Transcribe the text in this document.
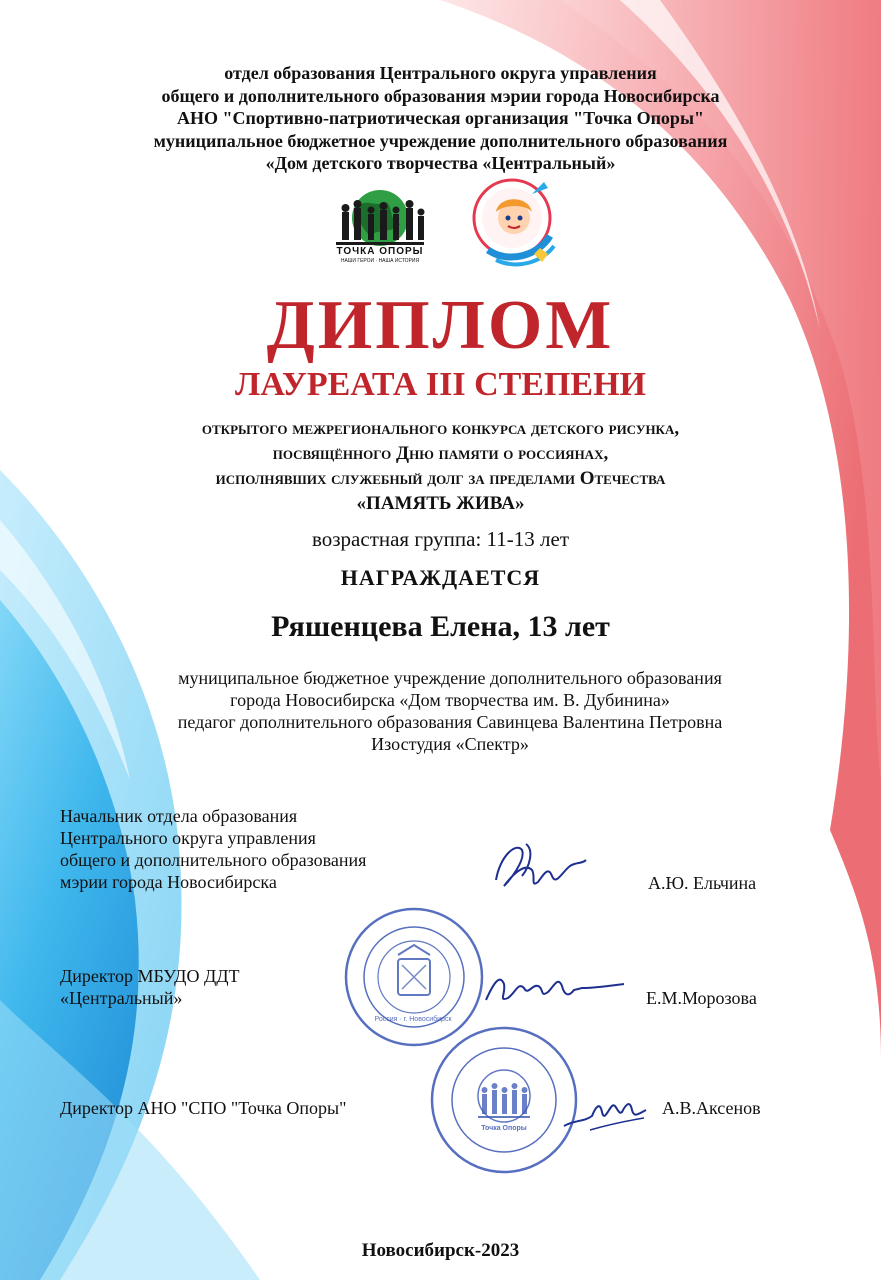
отдел образования Центрального округа управления
общего и дополнительного образования мэрии города Новосибирска
АНО "Спортивно-патриотическая организация "Точка Опоры"
муниципальное бюджетное учреждение дополнительного образования
«Дом детского творчества «Центральный»
ТОЧКА ОПОРЫ
НАШИ ГЕРОИ · НАША ИСТОРИЯ
ДИПЛОМ
ЛАУРЕАТА III СТЕПЕНИ
открытого межрегионального конкурса детского рисунка,
посвящённого Дню памяти о россиянах,
исполнявших служебный долг за пределами Отечества
«ПАМЯТЬ ЖИВА»
возрастная группа: 11-13 лет
НАГРАЖДАЕТСЯ
Ряшенцева Елена, 13 лет
муниципальное бюджетное учреждение дополнительного образования
города Новосибирска «Дом творчества им. В. Дубинина»
педагог дополнительного образования Савинцева Валентина Петровна
Изостудия «Спектр»
Начальник отдела образования
Центрального округа управления
общего и дополнительного образования
мэрии города Новосибирска	А.Ю. Ельчина
Россия · г. Новосибирск
Директор МБУДО ДДТ
«Центральный»	Е.М.Морозова
Точка Опоры
Директор АНО "СПО "Точка Опоры"	А.В.Аксенов
Новосибирск-2023
